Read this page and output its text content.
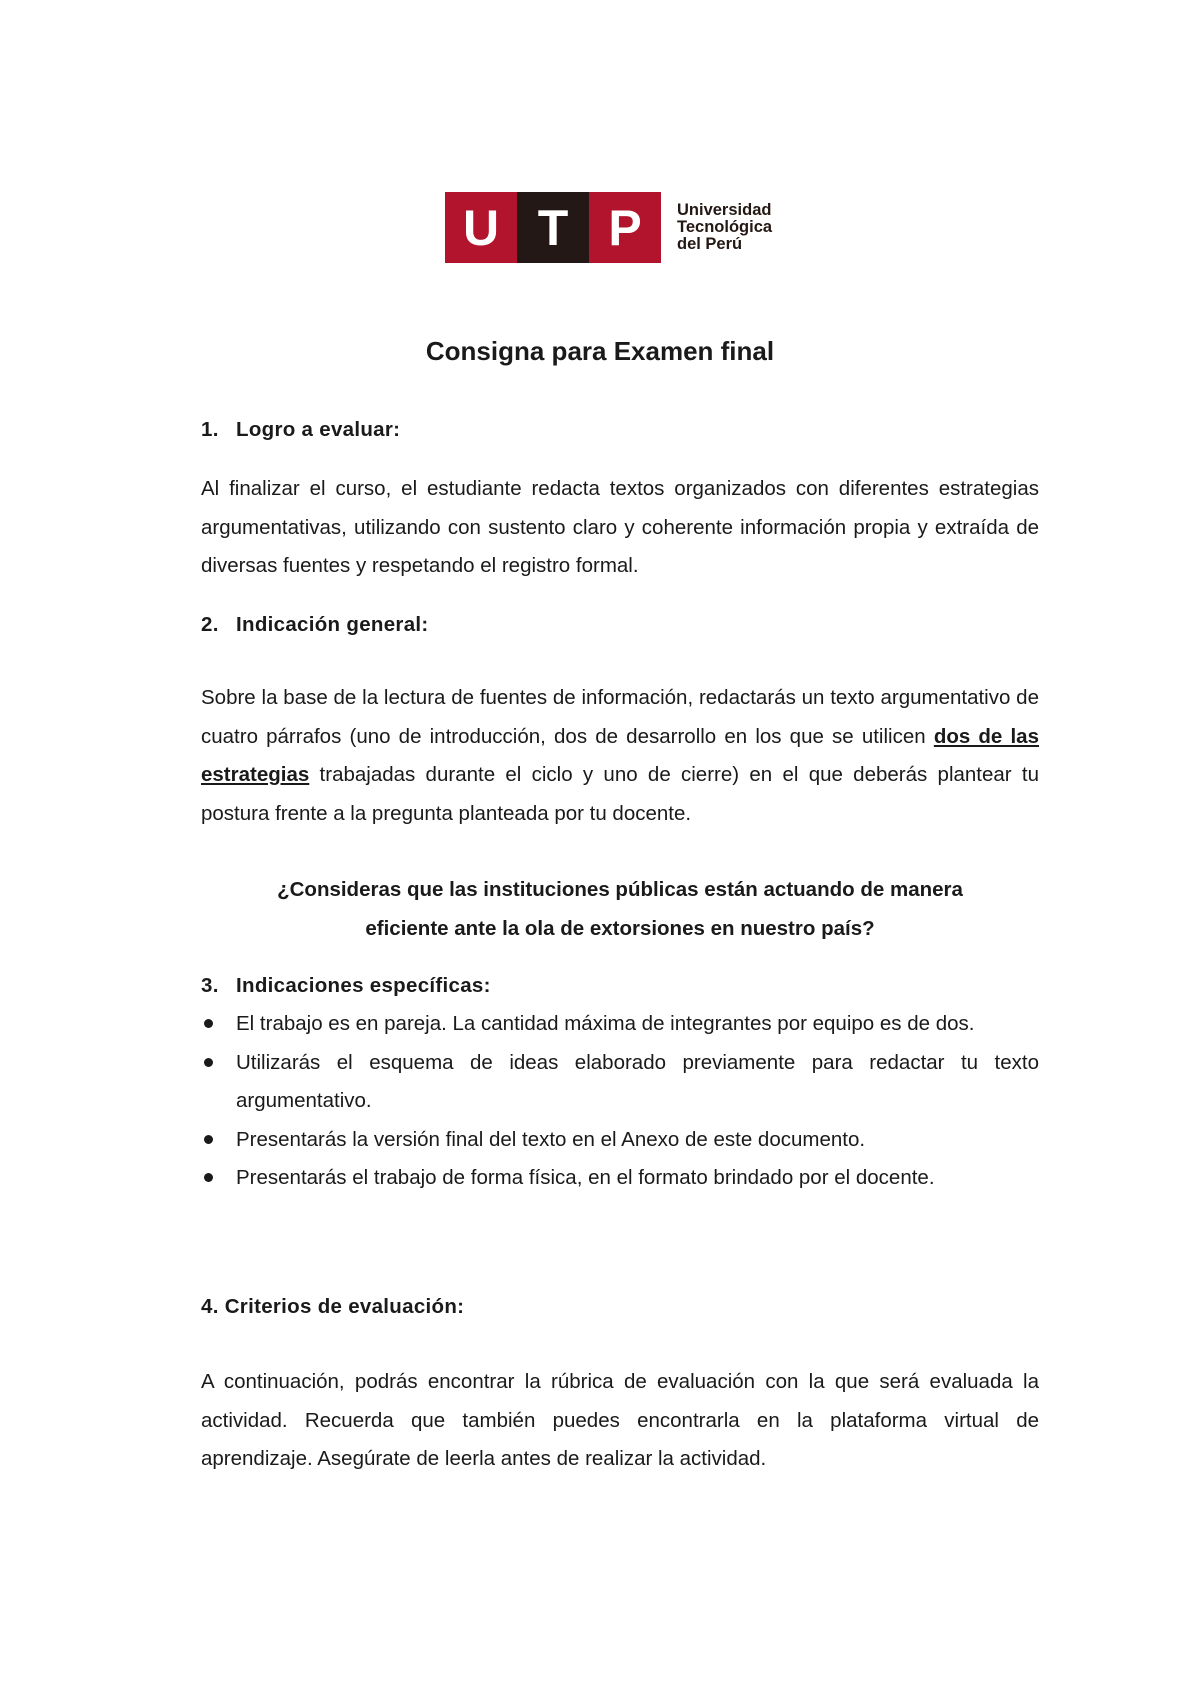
U T P	Universidad
Tecnológica
del Perú
Consigna para Examen final
1. Logro a evaluar:
Al finalizar el curso, el estudiante redacta textos organizados con diferentes estrategias argumentativas, utilizando con sustento claro y coherente información propia y extraída de diversas fuentes y respetando el registro formal.
2. Indicación general:
Sobre la base de la lectura de fuentes de información, redactarás un texto argumentativo de cuatro párrafos (uno de introducción, dos de desarrollo en los que se utilicen dos de las estrategias trabajadas durante el ciclo y uno de cierre) en el que deberás plantear tu postura frente a la pregunta planteada por tu docente.
¿Consideras que las instituciones públicas están actuando de manera
eficiente ante la ola de extorsiones en nuestro país?
3. Indicaciones específicas:
El trabajo es en pareja. La cantidad máxima de integrantes por equipo es de dos.
Utilizarás el esquema de ideas elaborado previamente para redactar tu texto argumentativo.
Presentarás la versión final del texto en el Anexo de este documento.
Presentarás el trabajo de forma física, en el formato brindado por el docente.
4. Criterios de evaluación:
A continuación, podrás encontrar la rúbrica de evaluación con la que será evaluada la actividad. Recuerda que también puedes encontrarla en la plataforma virtual de aprendizaje. Asegúrate de leerla antes de realizar la actividad.
